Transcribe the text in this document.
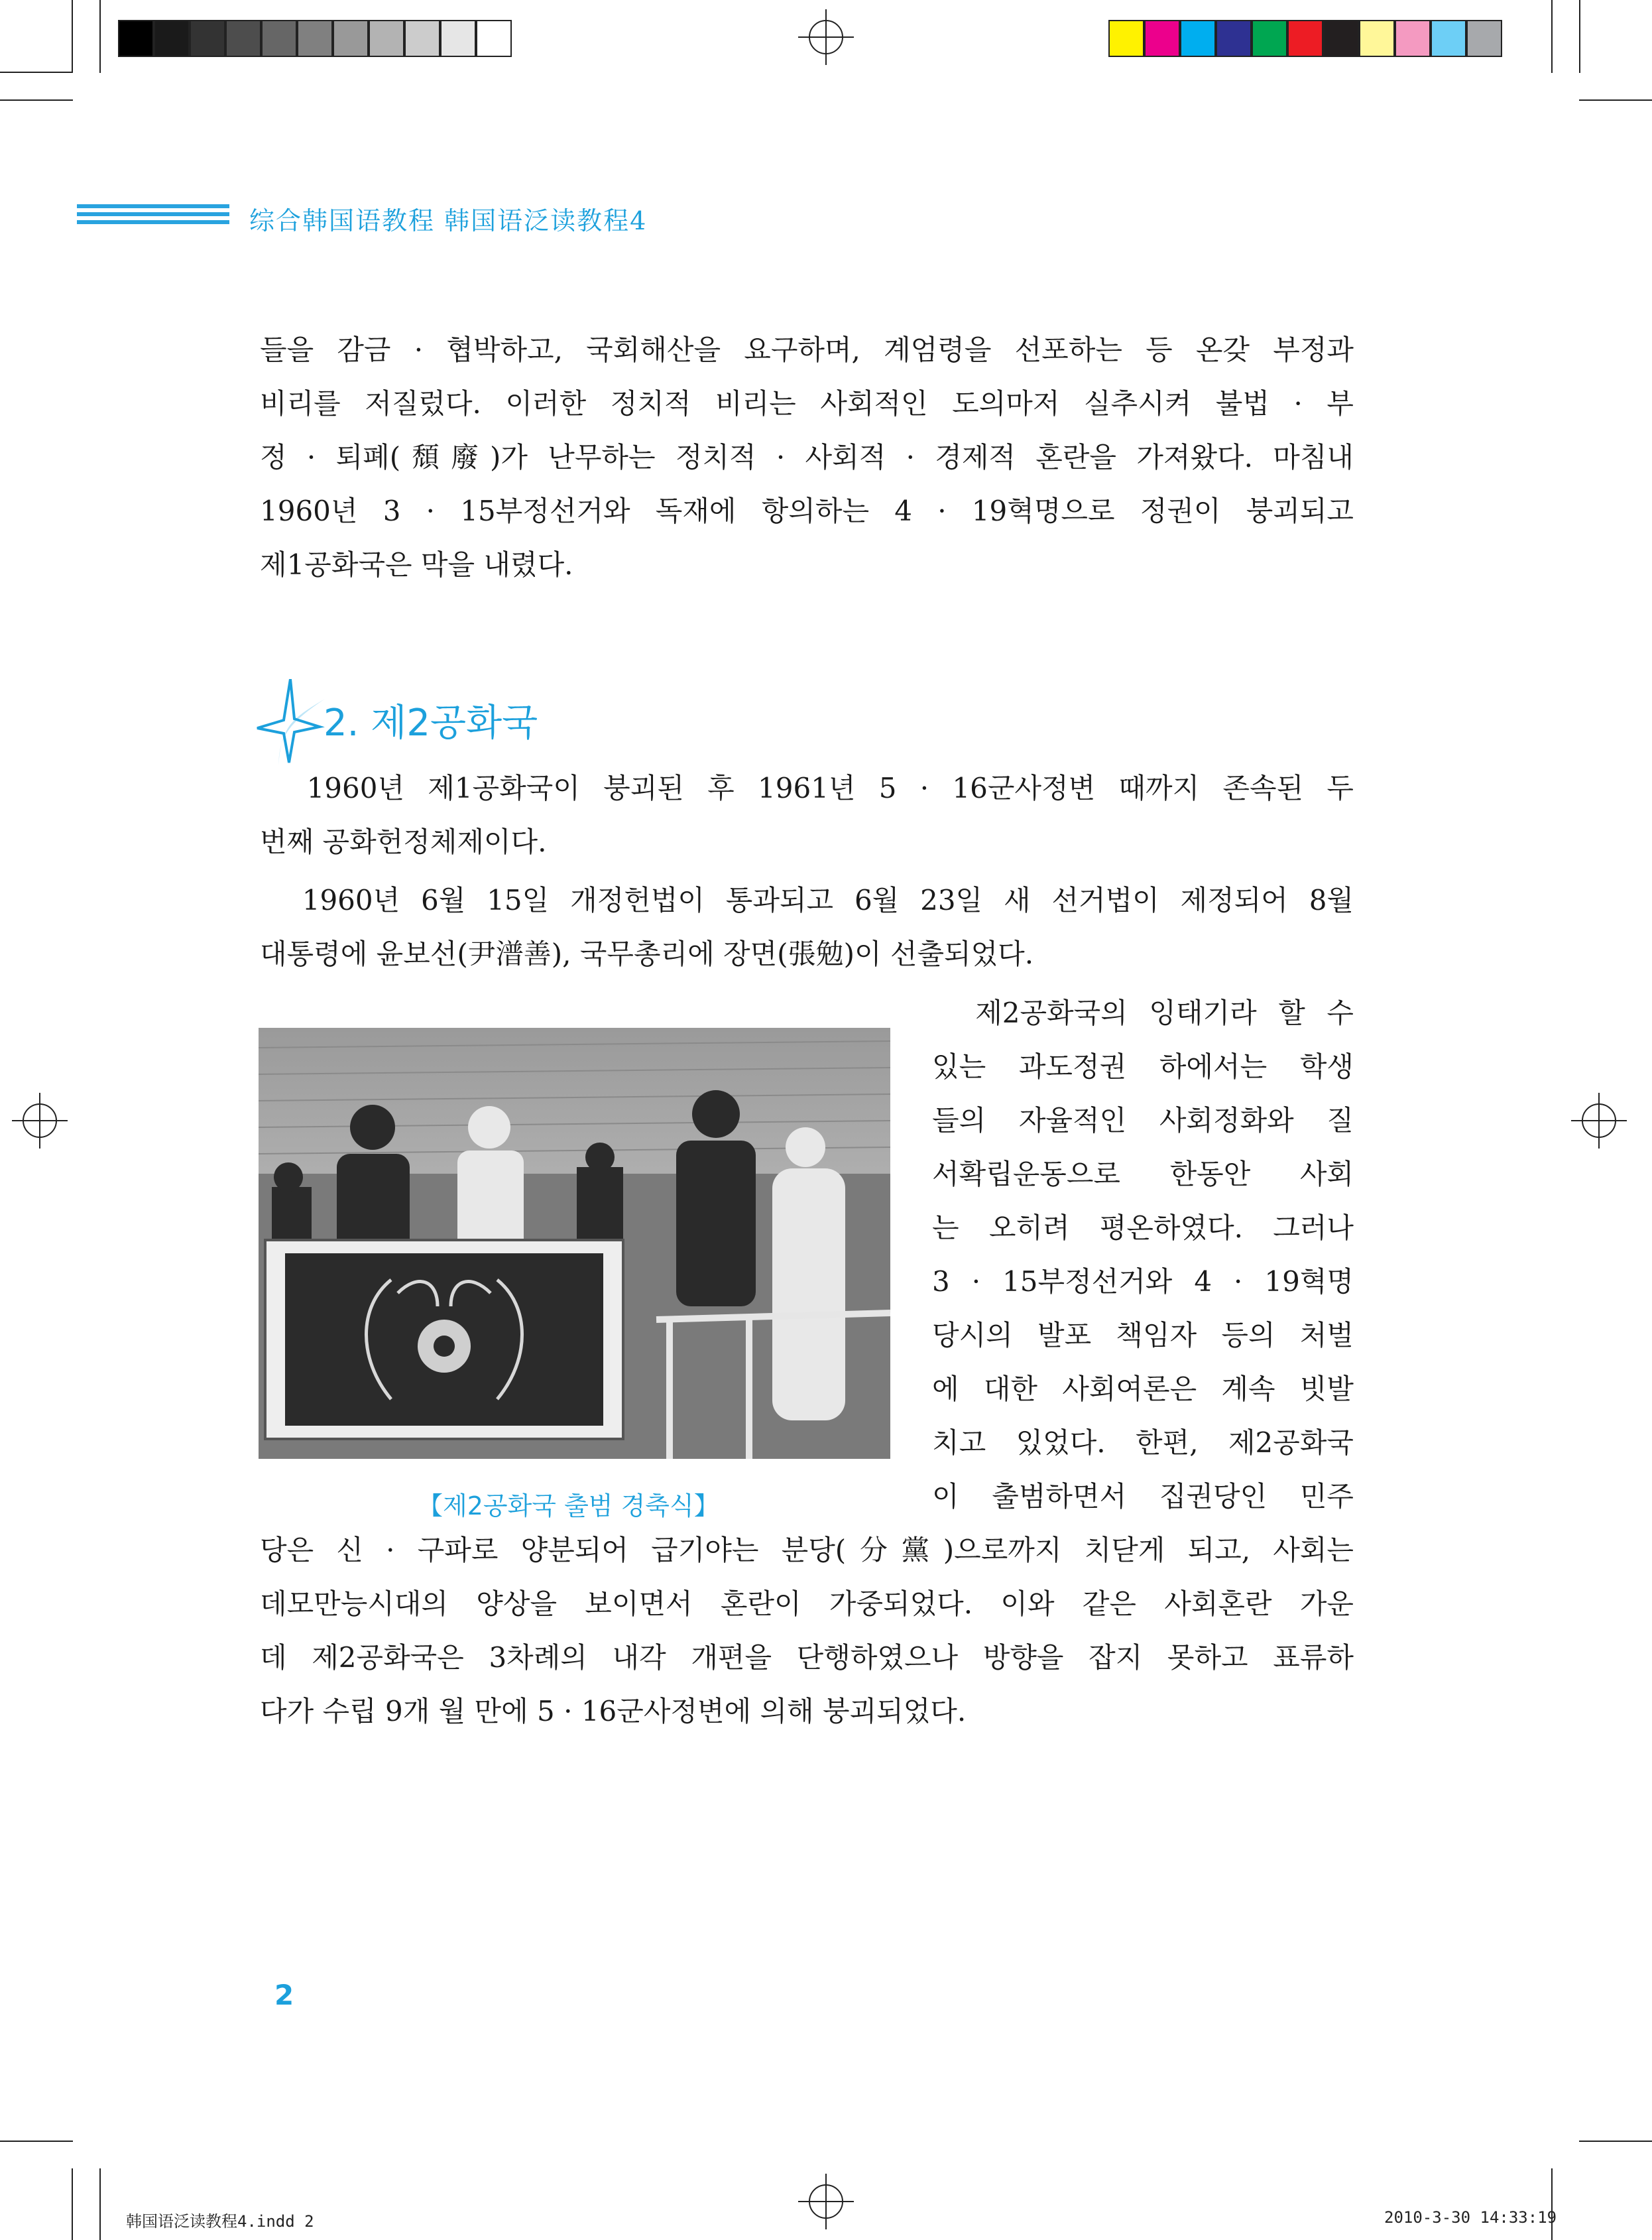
综合韩国语教程 韩国语泛读教程4
들을 감금 · 협박하고, 국회해산을 요구하며, 계엄령을 선포하는 등 온갖 부정과
비리를 저질렀다. 이러한 정치적 비리는 사회적인 도의마저 실추시켜 불법 · 부
정 · 퇴폐(頹廢)가 난무하는 정치적 · 사회적 · 경제적 혼란을 가져왔다. 마침내
1960년 3 · 15부정선거와 독재에 항의하는 4 · 19혁명으로 정권이 붕괴되고
제1공화국은 막을 내렸다.
2. 제2공화국
1960년 제1공화국이 붕괴된 후 1961년 5 · 16군사정변 때까지 존속된 두
번째 공화헌정체제이다.
1960년 6월 15일 개정헌법이 통과되고 6월 23일 새 선거법이 제정되어 8월
대통령에 윤보선(尹潽善), 국무총리에 장면(張勉)이 선출되었다.
【제2공화국 출범 경축식】
제2공화국의 잉태기라 할 수
있는 과도정권 하에서는 학생
들의 자율적인 사회정화와 질
서확립운동으로 한동안 사회
는 오히려 평온하였다. 그러나
3 · 15부정선거와 4 · 19혁명
당시의 발포 책임자 등의 처벌
에 대한 사회여론은 계속 빗발
치고 있었다. 한편, 제2공화국
이 출범하면서 집권당인 민주
당은 신 · 구파로 양분되어 급기야는 분당(分黨)으로까지 치닫게 되고, 사회는
데모만능시대의 양상을 보이면서 혼란이 가중되었다. 이와 같은 사회혼란 가운
데 제2공화국은 3차례의 내각 개편을 단행하였으나 방향을 잡지 못하고 표류하
다가 수립 9개 월 만에 5 · 16군사정변에 의해 붕괴되었다.
2
韩国语泛读教程4.indd 2	2010-3-30 14:33:19
